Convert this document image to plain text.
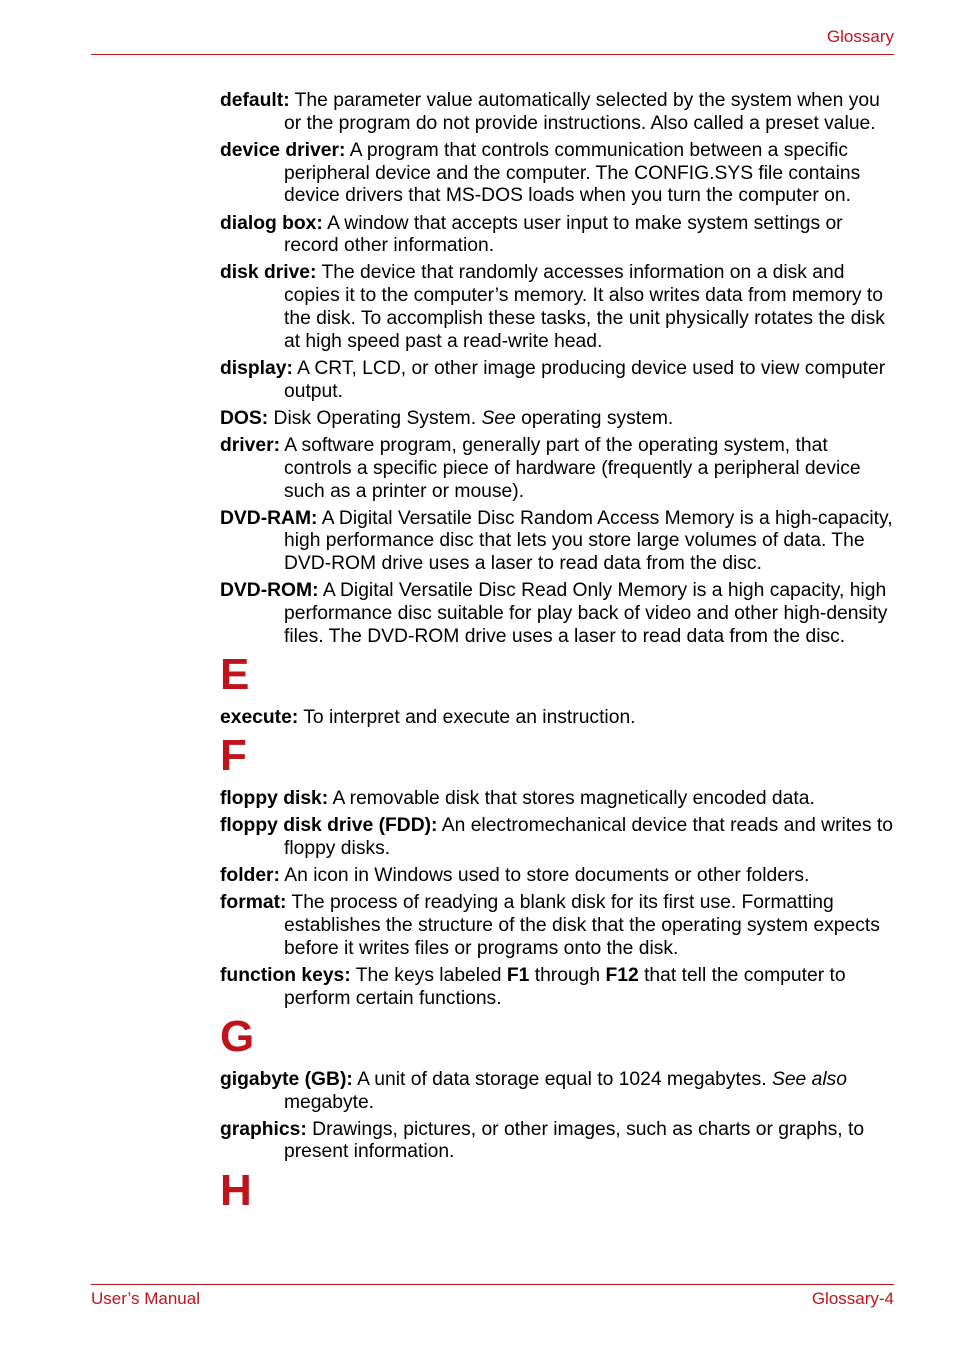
Glossary

default: The parameter value automatically selected by the system when you or the program do not provide instructions. Also called a preset value.

device driver: A program that controls communication between a specific peripheral device and the computer. The CONFIG.SYS file contains device drivers that MS-DOS loads when you turn the computer on.

dialog box: A window that accepts user input to make system settings or record other information.

disk drive: The device that randomly accesses information on a disk and copies it to the computer’s memory. It also writes data from memory to the disk. To accomplish these tasks, the unit physically rotates the disk at high speed past a read-write head.

display: A CRT, LCD, or other image producing device used to view computer output.

DOS: Disk Operating System. See operating system.

driver: A software program, generally part of the operating system, that controls a specific piece of hardware (frequently a peripheral device such as a printer or mouse).

DVD-RAM: A Digital Versatile Disc Random Access Memory is a high-capacity, high performance disc that lets you store large volumes of data. The DVD-ROM drive uses a laser to read data from the disc.

DVD-ROM: A Digital Versatile Disc Read Only Memory is a high capacity, high performance disc suitable for play back of video and other high-density files. The DVD-ROM drive uses a laser to read data from the disc.

E

execute: To interpret and execute an instruction.

F

floppy disk: A removable disk that stores magnetically encoded data.

floppy disk drive (FDD): An electromechanical device that reads and writes to floppy disks.

folder: An icon in Windows used to store documents or other folders.

format: The process of readying a blank disk for its first use. Formatting establishes the structure of the disk that the operating system expects before it writes files or programs onto the disk.

function keys: The keys labeled F1 through F12 that tell the computer to perform certain functions.

G

gigabyte (GB): A unit of data storage equal to 1024 megabytes. See also megabyte.

graphics: Drawings, pictures, or other images, such as charts or graphs, to present information.

H
User’s Manual	Glossary-4
